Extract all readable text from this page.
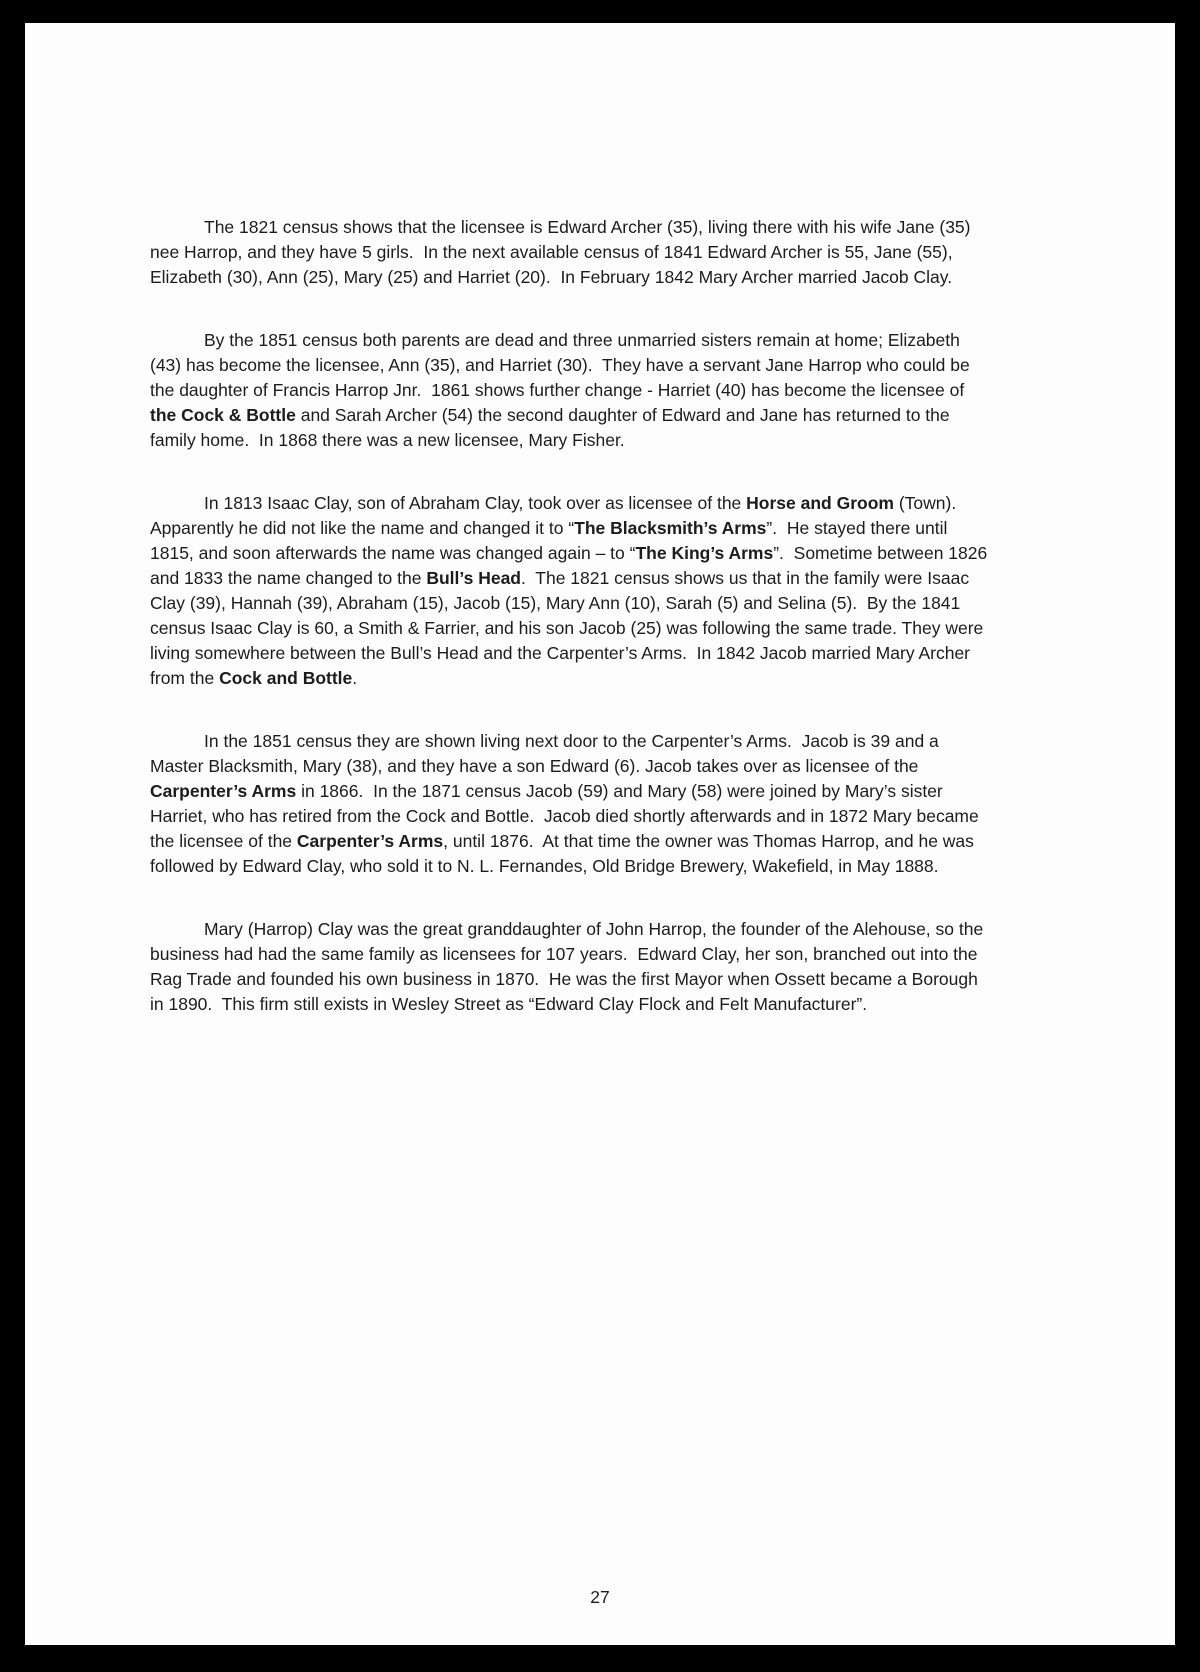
The 1821 census shows that the licensee is Edward Archer (35), living there with his wife Jane (35)
nee Harrop, and they have 5 girls.  In the next available census of 1841 Edward Archer is 55, Jane (55),
Elizabeth (30), Ann (25), Mary (25) and Harriet (20).  In February 1842 Mary Archer married Jacob Clay.

By the 1851 census both parents are dead and three unmarried sisters remain at home; Elizabeth
(43) has become the licensee, Ann (35), and Harriet (30).  They have a servant Jane Harrop who could be
the daughter of Francis Harrop Jnr.  1861 shows further change - Harriet (40) has become the licensee of
the Cock & Bottle and Sarah Archer (54) the second daughter of Edward and Jane has returned to the
family home.  In 1868 there was a new licensee, Mary Fisher.

In 1813 Isaac Clay, son of Abraham Clay, took over as licensee of the Horse and Groom (Town).
Apparently he did not like the name and changed it to “The Blacksmith’s Arms”.  He stayed there until
1815, and soon afterwards the name was changed again – to “The King’s Arms”.  Sometime between 1826
and 1833 the name changed to the Bull’s Head.  The 1821 census shows us that in the family were Isaac
Clay (39), Hannah (39), Abraham (15), Jacob (15), Mary Ann (10), Sarah (5) and Selina (5).  By the 1841
census Isaac Clay is 60, a Smith & Farrier, and his son Jacob (25) was following the same trade. They were
living somewhere between the Bull’s Head and the Carpenter’s Arms.  In 1842 Jacob married Mary Archer
from the Cock and Bottle.

In the 1851 census they are shown living next door to the Carpenter’s Arms.  Jacob is 39 and a
Master Blacksmith, Mary (38), and they have a son Edward (6). Jacob takes over as licensee of the
Carpenter’s Arms in 1866.  In the 1871 census Jacob (59) and Mary (58) were joined by Mary’s sister
Harriet, who has retired from the Cock and Bottle.  Jacob died shortly afterwards and in 1872 Mary became
the licensee of the Carpenter’s Arms, until 1876.  At that time the owner was Thomas Harrop, and he was
followed by Edward Clay, who sold it to N. L. Fernandes, Old Bridge Brewery, Wakefield, in May 1888.

Mary (Harrop) Clay was the great granddaughter of John Harrop, the founder of the Alehouse, so the
business had had the same family as licensees for 107 years.  Edward Clay, her son, branched out into the
Rag Trade and founded his own business in 1870.  He was the first Mayor when Ossett became a Borough
in 1890.  This firm still exists in Wesley Street as “Edward Clay Flock and Felt Manufacturer”.

27
